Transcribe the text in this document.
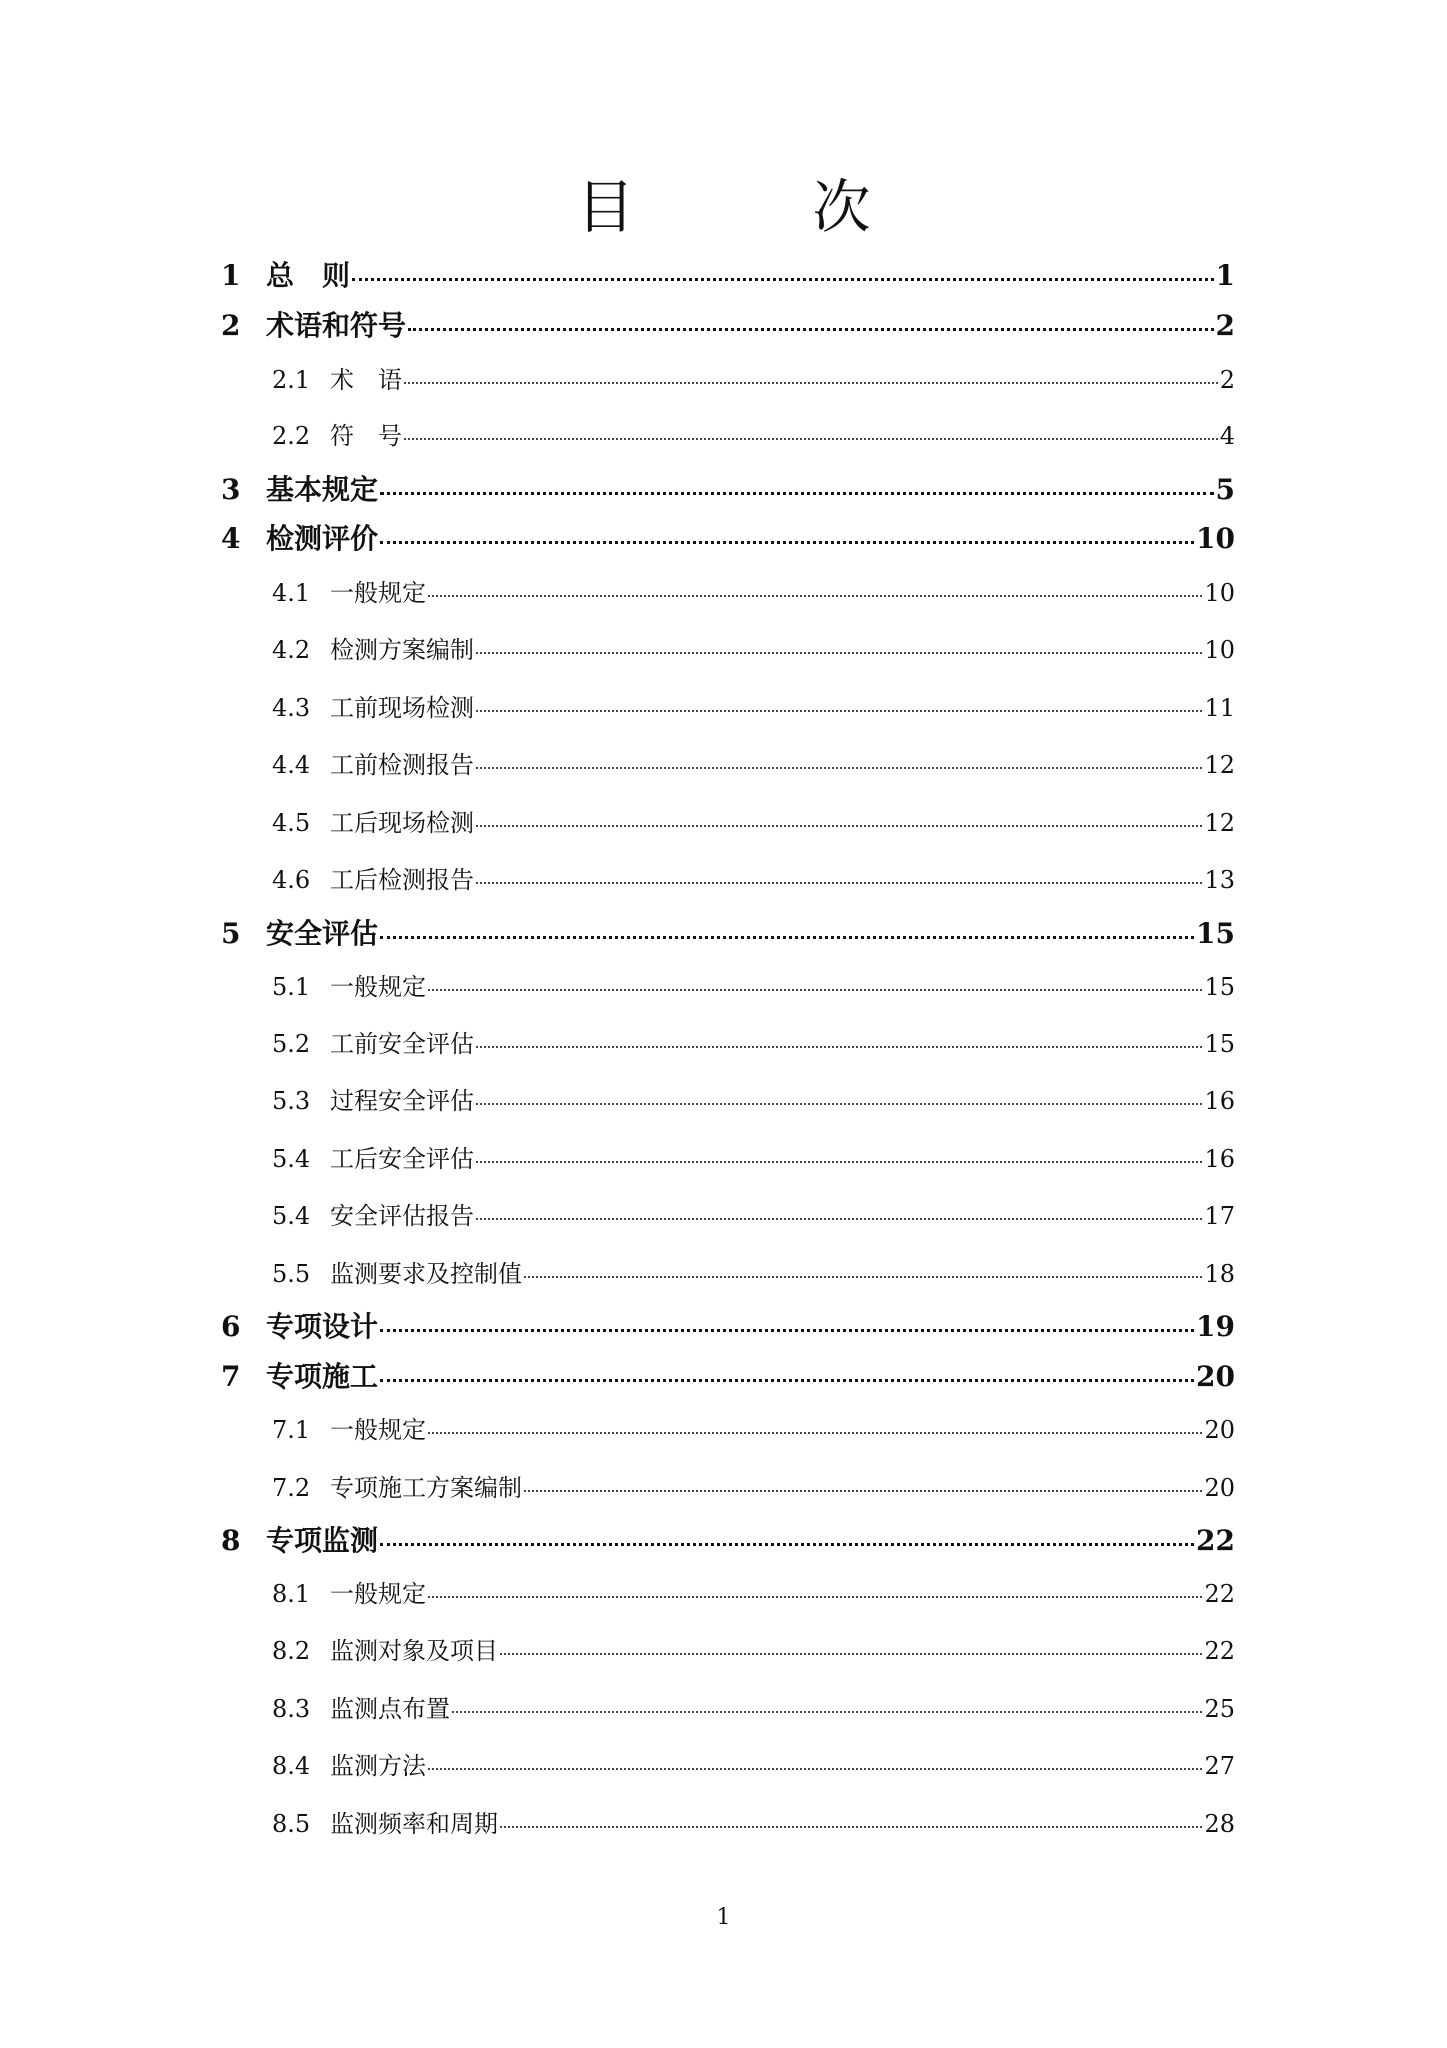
目　次
1 总　则	1
2 术语和符号	2
2.1 术　语	2
2.2 符　号	4
3 基本规定	5
4 检测评价	10
4.1 一般规定	10
4.2 检测方案编制	10
4.3 工前现场检测	11
4.4 工前检测报告	12
4.5 工后现场检测	12
4.6 工后检测报告	13
5 安全评估	15
5.1 一般规定	15
5.2 工前安全评估	15
5.3 过程安全评估	16
5.4 工后安全评估	16
5.4 安全评估报告	17
5.5 监测要求及控制值	18
6 专项设计	19
7 专项施工	20
7.1 一般规定	20
7.2 专项施工方案编制	20
8 专项监测	22
8.1 一般规定	22
8.2 监测对象及项目	22
8.3 监测点布置	25
8.4 监测方法	27
8.5 监测频率和周期	28
1
